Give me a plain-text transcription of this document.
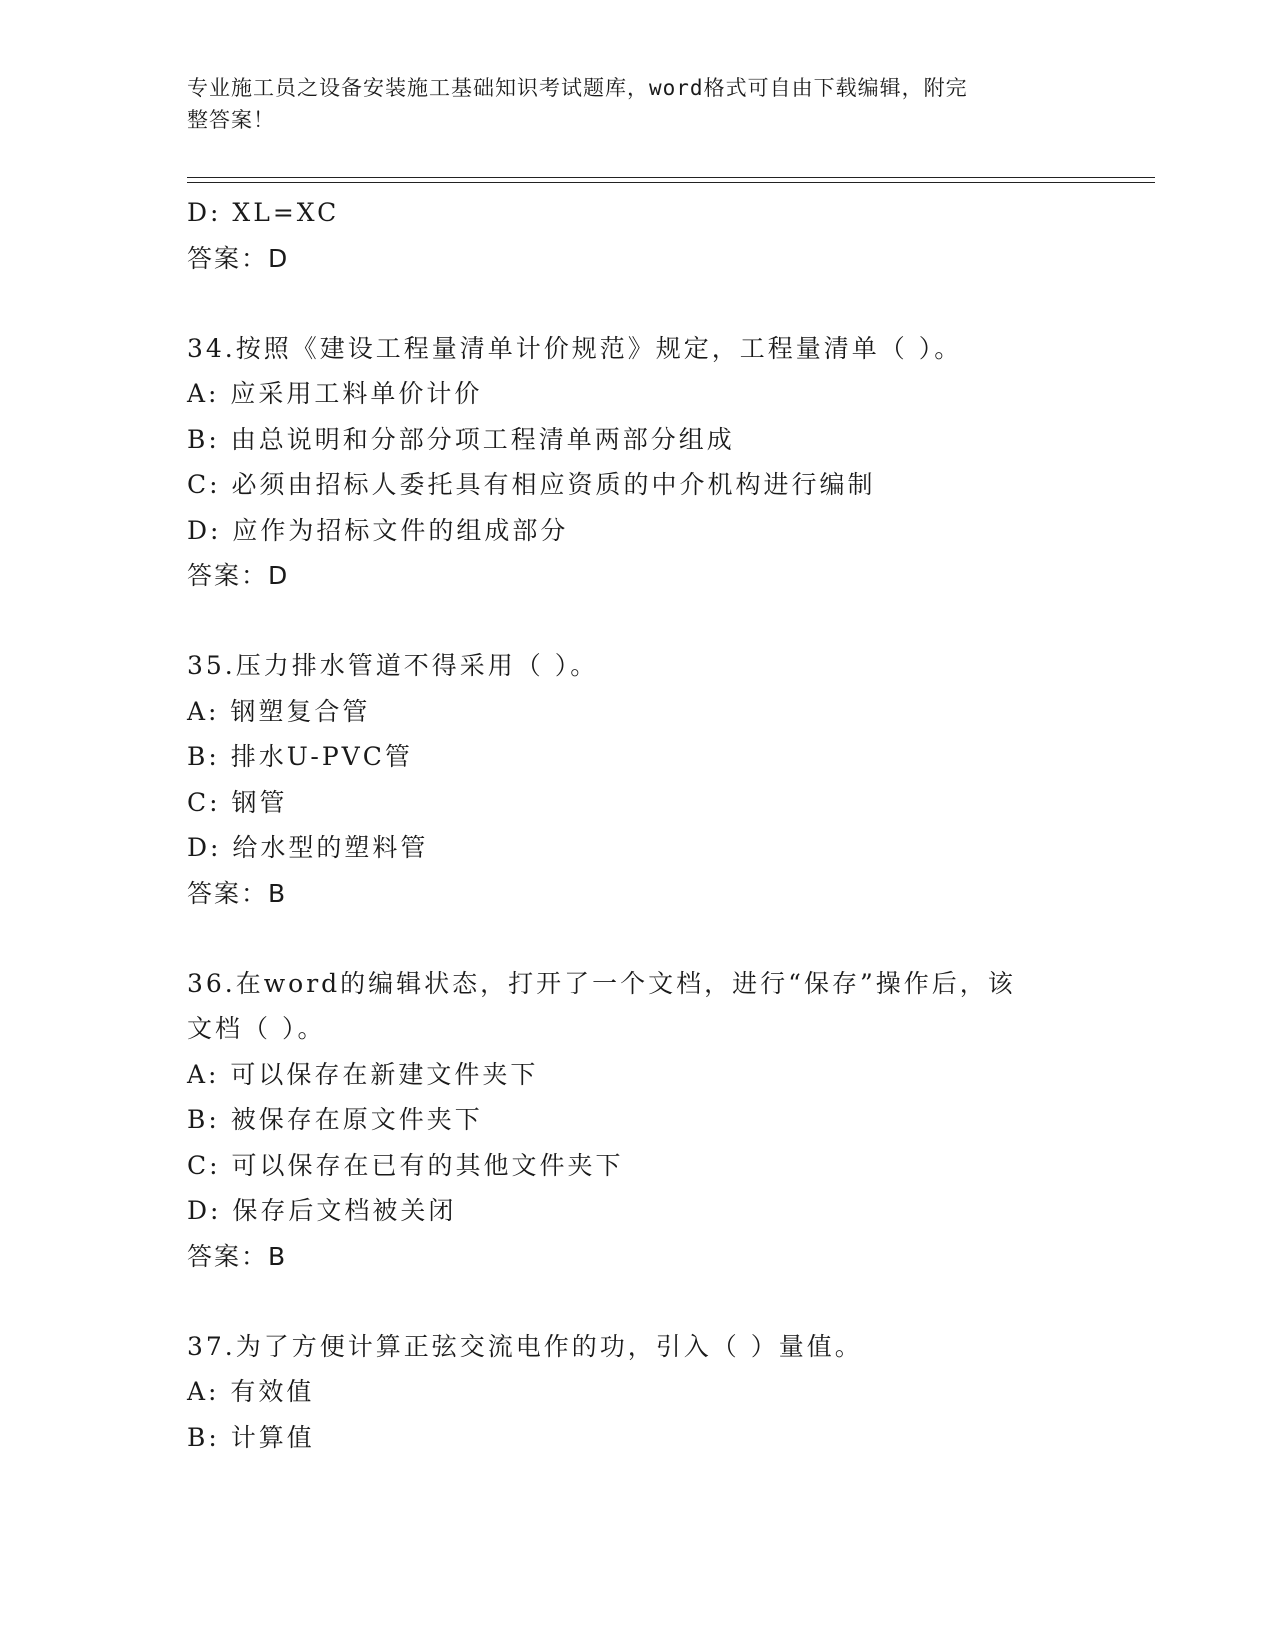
专业施工员之设备安装施工基础知识考试题库，word格式可自由下载编辑，附完
整答案！
D: XL=XC
答案：D
34.按照《建设工程量清单计价规范》规定，工程量清单（ ）。
A: 应采用工料单价计价
B: 由总说明和分部分项工程清单两部分组成
C: 必须由招标人委托具有相应资质的中介机构进行编制
D: 应作为招标文件的组成部分
答案：D
35.压力排水管道不得采用（ ）。
A: 钢塑复合管
B: 排水U-PVC管
C: 钢管
D: 给水型的塑料管
答案：B
36.在word的编辑状态，打开了一个文档，进行“保存”操作后，该
文档（ ）。
A: 可以保存在新建文件夹下
B: 被保存在原文件夹下
C: 可以保存在已有的其他文件夹下
D: 保存后文档被关闭
答案：B
37.为了方便计算正弦交流电作的功，引入（ ）量值。
A: 有效值
B: 计算值
